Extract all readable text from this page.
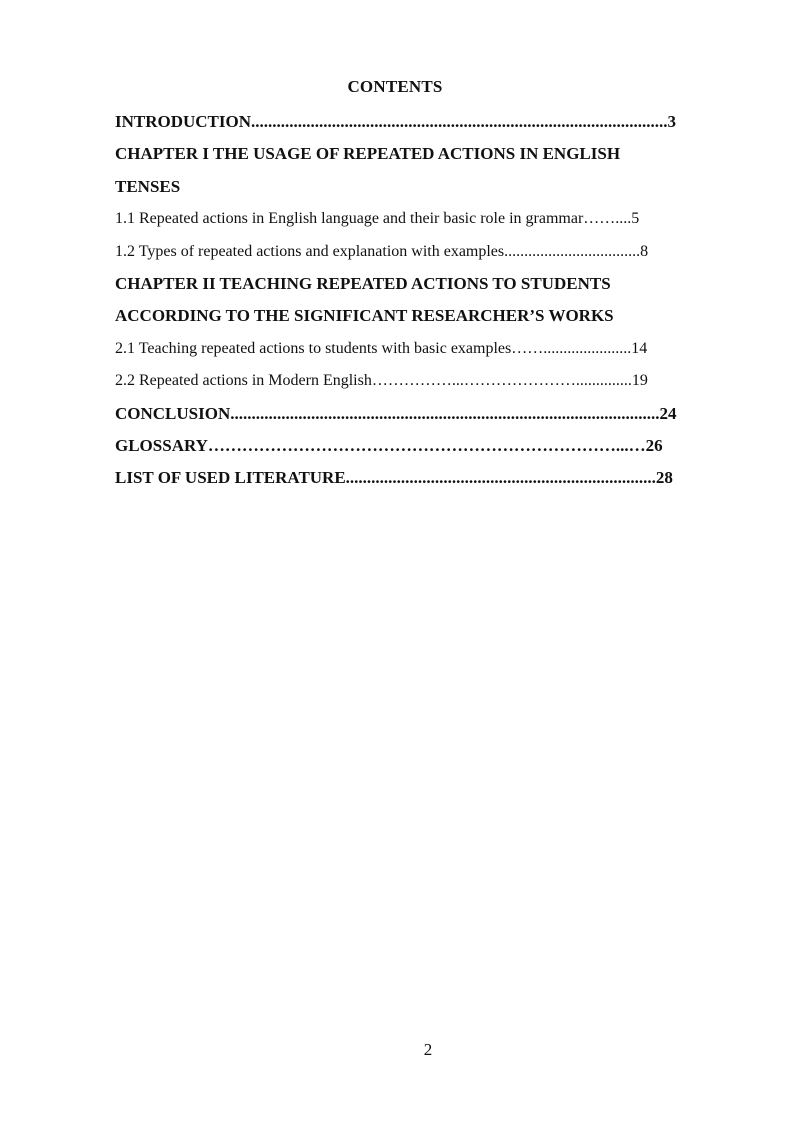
CONTENTS
INTRODUCTION..................................................................................................3
CHAPTER I THE USAGE OF REPEATED ACTIONS IN ENGLISH
TENSES
1.1 Repeated actions in English language and their basic role in grammar……....5
1.2 Types of repeated actions and explanation with examples..................................8
CHAPTER II TEACHING REPEATED ACTIONS TO STUDENTS
ACCORDING TO THE SIGNIFICANT RESEARCHER’S WORKS
2.1 Teaching repeated actions to students with basic examples……......................14
2.2 Repeated actions in Modern English……………...…………………..............19
CONCLUSION.....................................................................................................24
GLOSSARY………………………………………………………………...…26
LIST OF USED LITERATURE.........................................................................28
2
